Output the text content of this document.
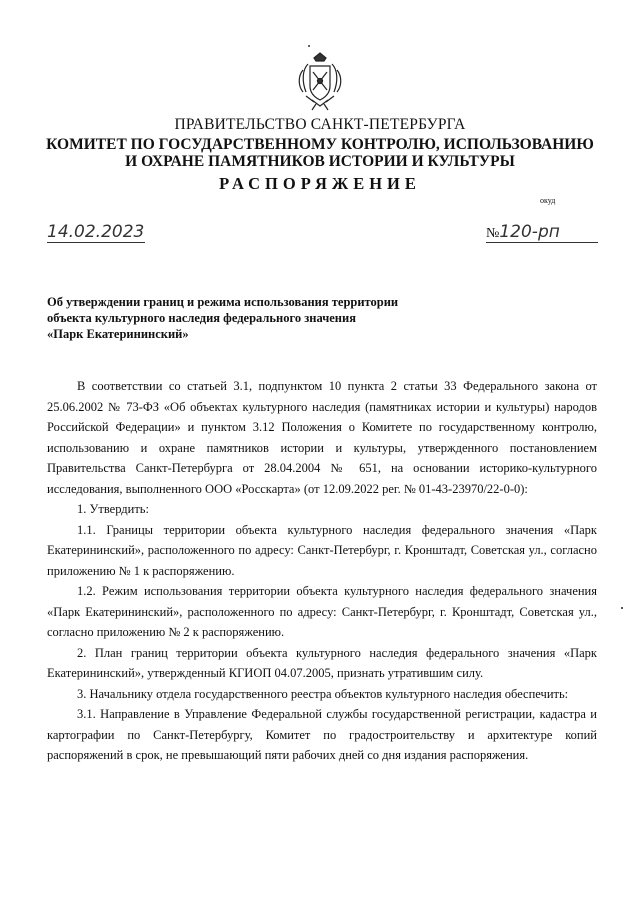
ПРАВИТЕЛЬСТВО САНКТ-ПЕТЕРБУРГА
КОМИТЕТ ПО ГОСУДАРСТВЕННОМУ КОНТРОЛЮ, ИСПОЛЬЗОВАНИЮ
И ОХРАНЕ ПАМЯТНИКОВ ИСТОРИИ И КУЛЬТУРЫ
РАСПОРЯЖЕНИЕ
окуд
14.02.2023	№120-рп
Об утверждении границ и режима использования территории
объекта культурного наследия федерального значения
«Парк Екатерининский»

В соответствии со статьей 3.1, подпунктом 10 пункта 2 статьи 33 Федерального закона от 25.06.2002 № 73-ФЗ «Об объектах культурного наследия (памятниках истории и культуры) народов Российской Федерации» и пунктом 3.12 Положения о Комитете по государственному контролю, использованию и охране памятников истории и культуры, утвержденного постановлением Правительства Санкт-Петербурга от 28.04.2004 № 651, на основании историко-культурного исследования, выполненного ООО «Росскарта» (от 12.09.2022 рег. № 01-43-23970/22-0-0):

1. Утвердить:

1.1. Границы территории объекта культурного наследия федерального значения «Парк Екатерининский», расположенного по адресу: Санкт-Петербург, г. Кронштадт, Советская ул., согласно приложению № 1 к распоряжению.

1.2. Режим использования территории объекта культурного наследия федерального значения «Парк Екатерининский», расположенного по адресу: Санкт-Петербург, г. Кронштадт, Советская ул., согласно приложению № 2 к распоряжению.

2. План границ территории объекта культурного наследия федерального значения «Парк Екатерининский», утвержденный КГИОП 04.07.2005, признать утратившим силу.

3. Начальнику отдела государственного реестра объектов культурного наследия обеспечить:

3.1. Направление в Управление Федеральной службы государственной регистрации, кадастра и картографии по Санкт-Петербургу, Комитет по градостроительству и архитектуре копий распоряжений в срок, не превышающий пяти рабочих дней со дня издания распоряжения.
